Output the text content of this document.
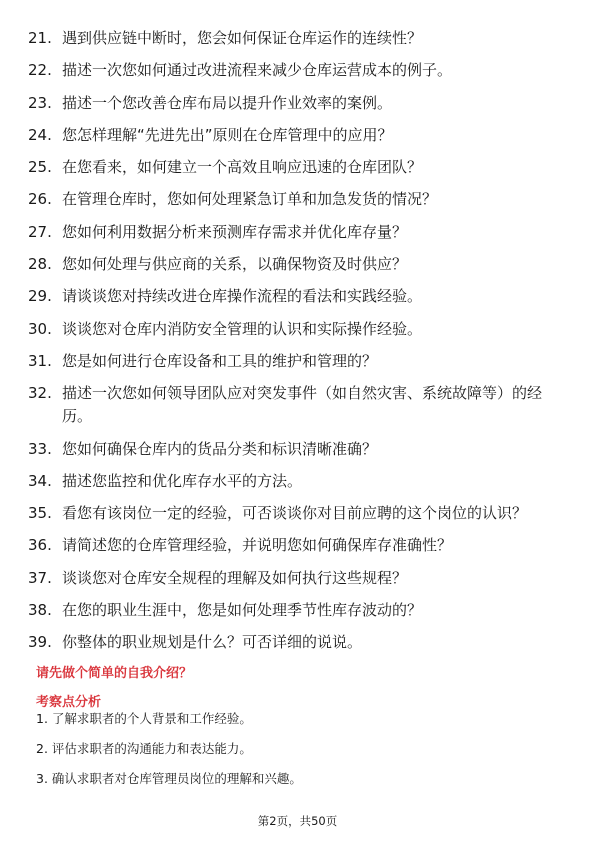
21. 遇到供应链中断时，您会如何保证仓库运作的连续性？
22. 描述一次您如何通过改进流程来减少仓库运营成本的例子。
23. 描述一个您改善仓库布局以提升作业效率的案例。
24. 您怎样理解“先进先出”原则在仓库管理中的应用？
25. 在您看来，如何建立一个高效且响应迅速的仓库团队？
26. 在管理仓库时，您如何处理紧急订单和加急发货的情况？
27. 您如何利用数据分析来预测库存需求并优化库存量？
28. 您如何处理与供应商的关系，以确保物资及时供应？
29. 请谈谈您对持续改进仓库操作流程的看法和实践经验。
30. 谈谈您对仓库内消防安全管理的认识和实际操作经验。
31. 您是如何进行仓库设备和工具的维护和管理的？
32. 描述一次您如何领导团队应对突发事件（如自然灾害、系统故障等）的经历。
33. 您如何确保仓库内的货品分类和标识清晰准确？
34. 描述您监控和优化库存水平的方法。
35. 看您有该岗位一定的经验，可否谈谈你对目前应聘的这个岗位的认识？
36. 请简述您的仓库管理经验，并说明您如何确保库存准确性？
37. 谈谈您对仓库安全规程的理解及如何执行这些规程？
38. 在您的职业生涯中，您是如何处理季节性库存波动的？
39. 你整体的职业规划是什么？可否详细的说说。
请先做个简单的自我介绍？
考察点分析
1. 了解求职者的个人背景和工作经验。
2. 评估求职者的沟通能力和表达能力。
3. 确认求职者对仓库管理员岗位的理解和兴趣。
第2页，共50页
